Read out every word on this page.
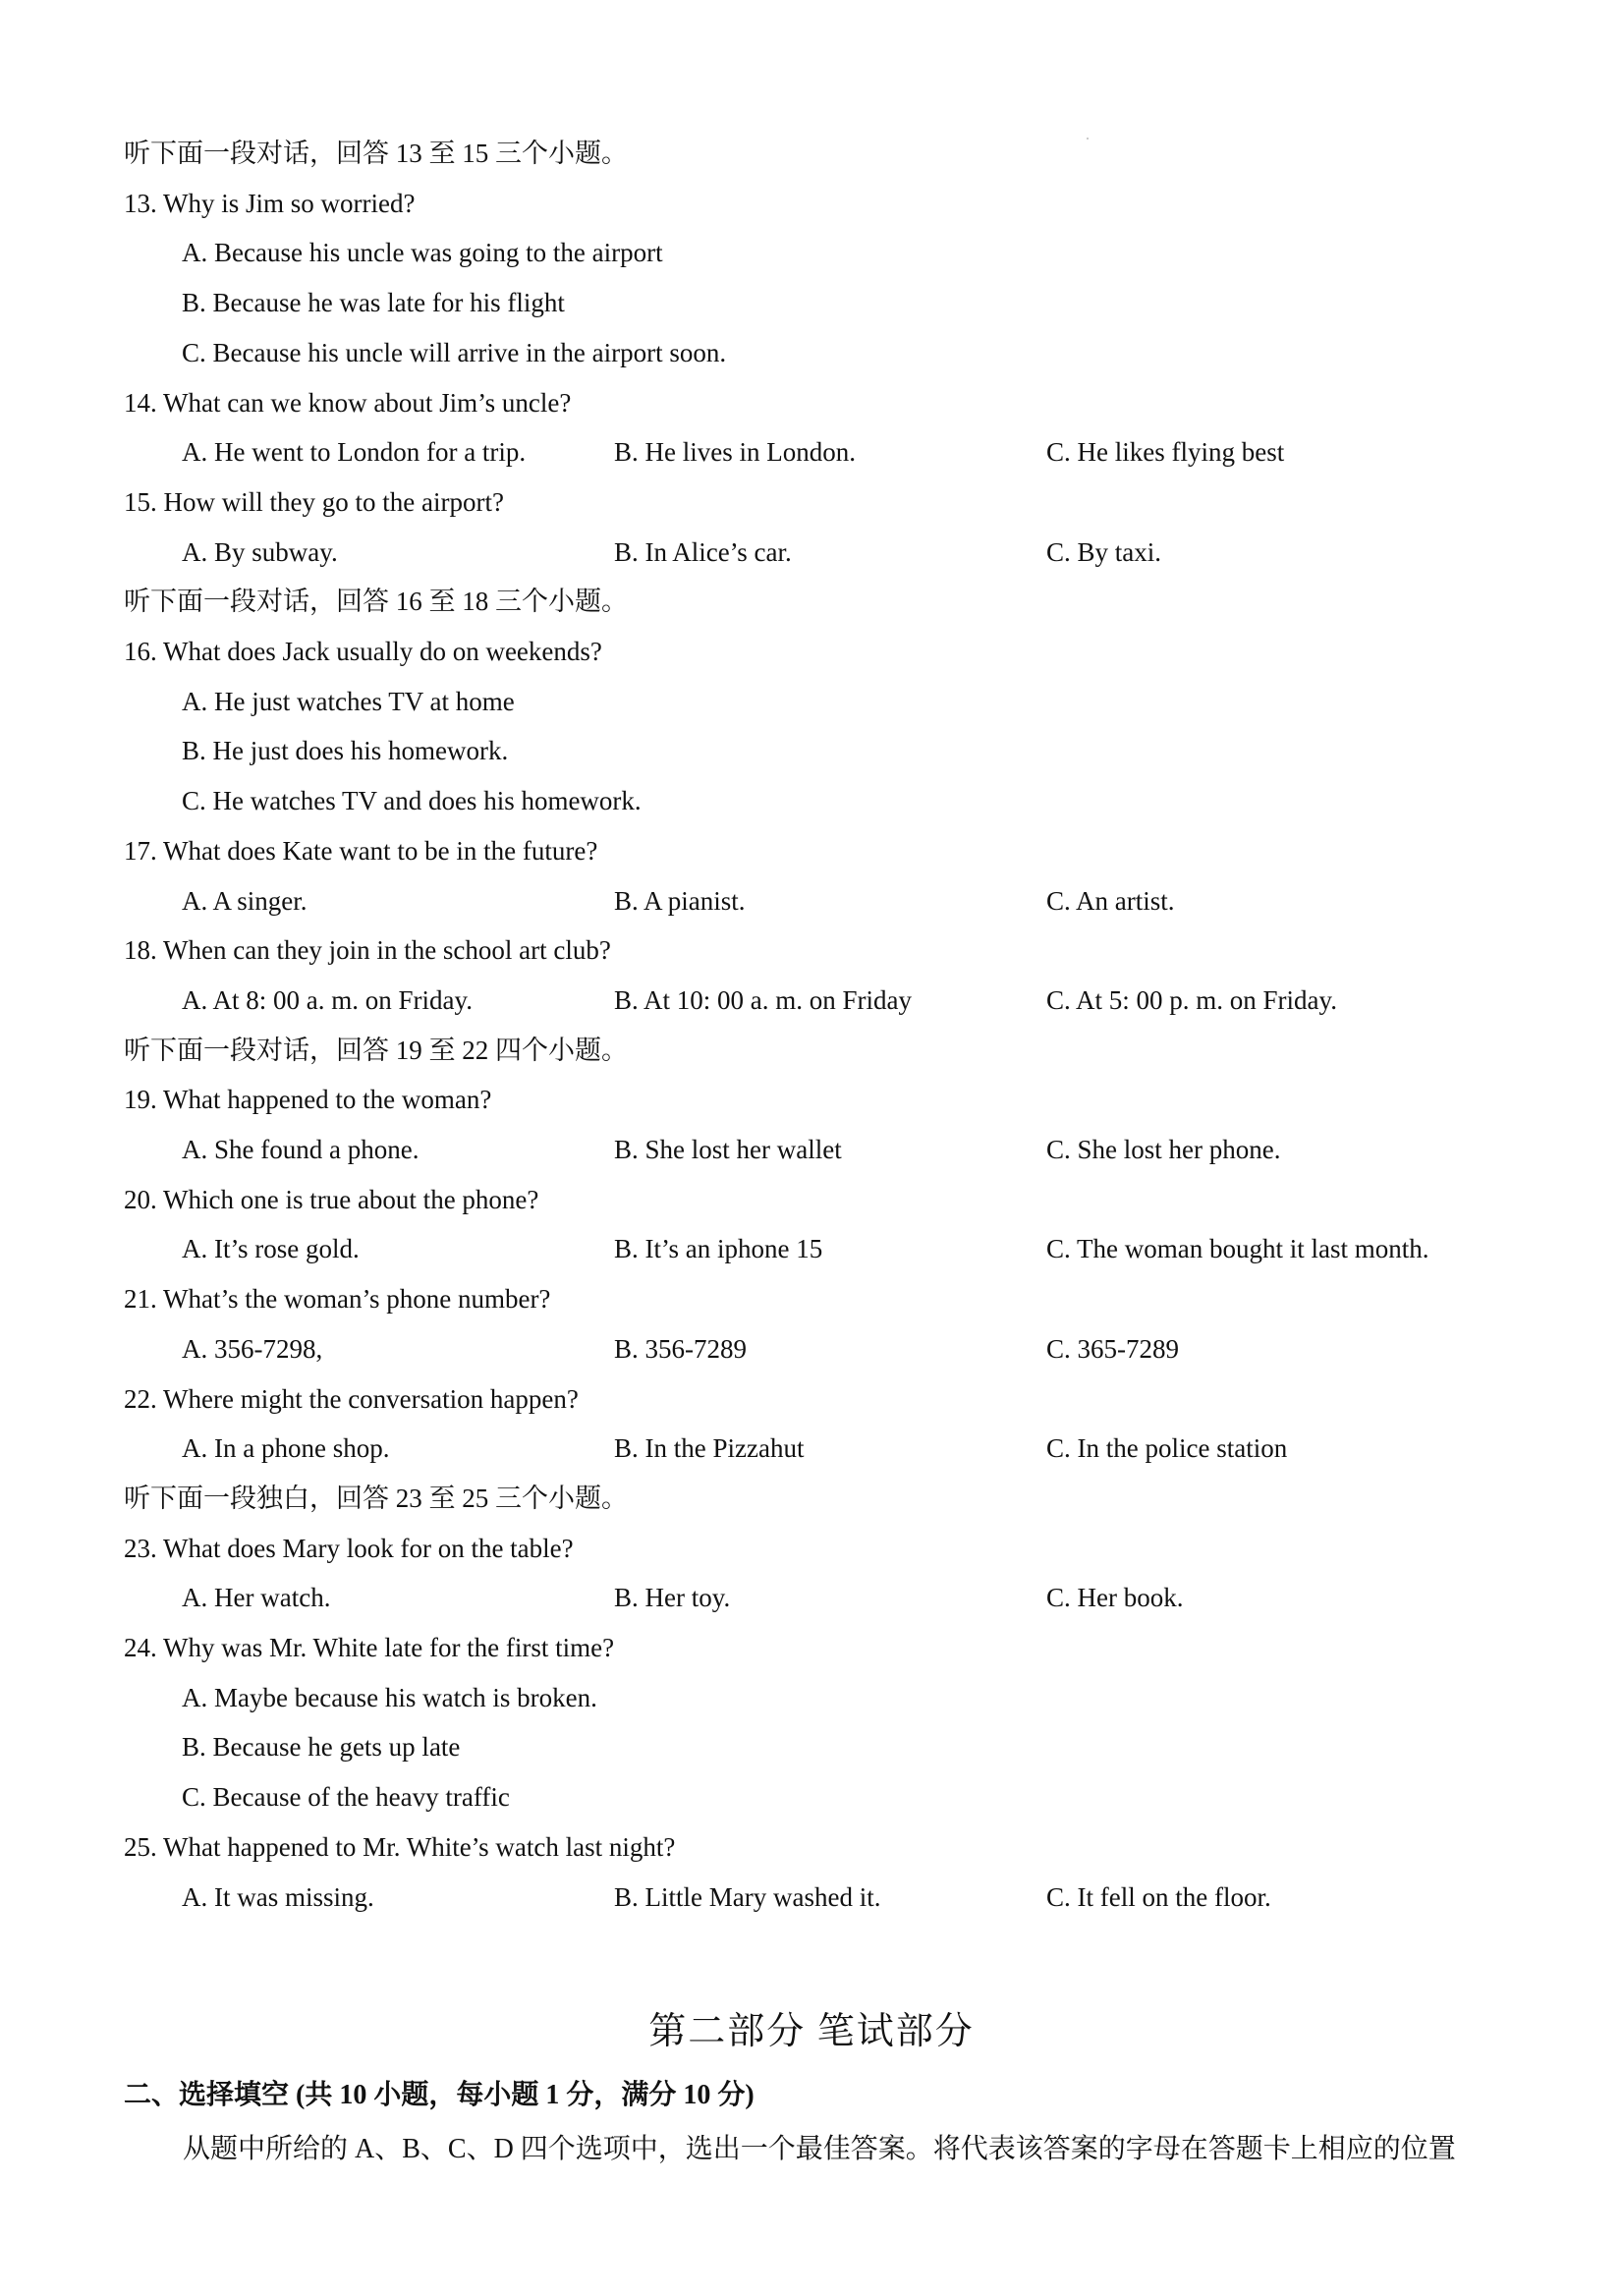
听下面一段对话，回答 13 至 15 三个小题。
13. Why is Jim so worried?
A. Because his uncle was going to the airport
B. Because he was late for his flight
C. Because his uncle will arrive in the airport soon.
14. What can we know about Jim’s uncle?
A. He went to London for a trip.	B. He lives in London.	C. He likes flying best
15. How will they go to the airport?
A. By subway.	B. In Alice’s car.	C. By taxi.
听下面一段对话，回答 16 至 18 三个小题。
16. What does Jack usually do on weekends?
A. He just watches TV at home
B. He just does his homework.
C. He watches TV and does his homework.
17. What does Kate want to be in the future?
A. A singer.	B. A pianist.	C. An artist.
18. When can they join in the school art club?
A. At 8: 00 a. m. on Friday.	B. At 10: 00 a. m. on Friday	C. At 5: 00 p. m. on Friday.
听下面一段对话，回答 19 至 22 四个小题。
19. What happened to the woman?
A. She found a phone.	B. She lost her wallet	C. She lost her phone.
20. Which one is true about the phone?
A. It’s rose gold.	B. It’s an iphone 15	C. The woman bought it last month.
21. What’s the woman’s phone number?
A. 356-7298,	B. 356-7289	C. 365-7289
22. Where might the conversation happen?
A. In a phone shop.	B. In the Pizzahut	C. In the police station
听下面一段独白，回答 23 至 25 三个小题。
23. What does Mary look for on the table?
A. Her watch.	B. Her toy.	C. Her book.
24. Why was Mr. White late for the first time?
A. Maybe because his watch is broken.
B. Because he gets up late
C. Because of the heavy traffic
25. What happened to Mr. White’s watch last night?
A. It was missing.	B. Little Mary washed it.	C. It fell on the floor.
第二部分 笔试部分
二、选择填空 (共 10 小题，每小题 1 分，满分 10 分)
从题中所给的 A、B、C、D 四个选项中，选出一个最佳答案。将代表该答案的字母在答题卡上相应的位置
